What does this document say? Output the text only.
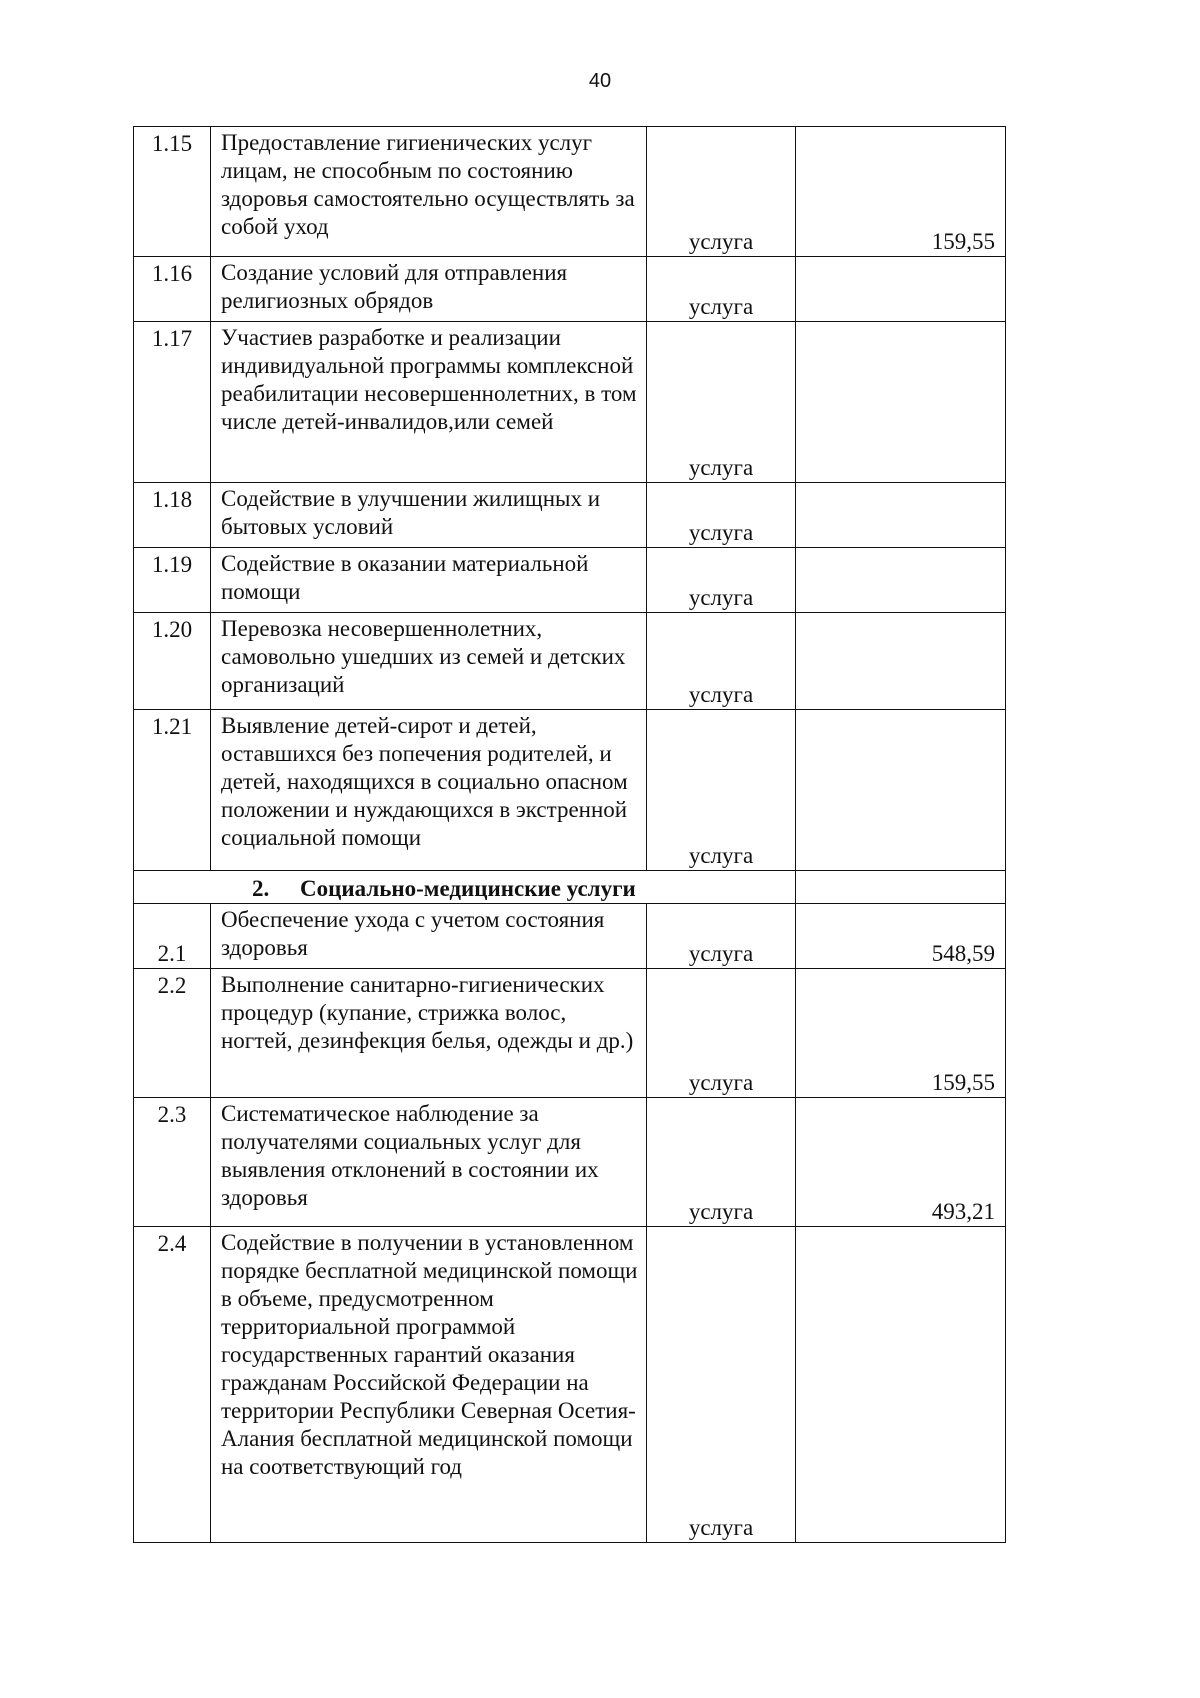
40
1.15	Предоставление гигиенических услуг лицам, не способным по состоянию здоровья самостоятельно осуществлять за собой уход	услуга	159,55
1.16	Создание условий для отправления религиозных обрядов	услуга	
1.17	Участиев разработке и реализации индивидуальной программы комплексной реабилитации несовершеннолетних, в том числе детей-инвалидов,или семей	услуга	
1.18	Содействие в улучшении жилищных и бытовых условий	услуга	
1.19	Содействие в оказании материальной помощи	услуга	
1.20	Перевозка несовершеннолетних, самовольно ушедших из семей и детских организаций	услуга	
1.21	Выявление детей-сирот и детей, оставшихся без попечения родителей, и детей, находящихся в социально опасном положении и нуждающихся в экстренной социальной помощи	услуга	
2. Социально-медицинские услуги			
2.1	Обеспечение ухода с учетом состояния здоровья	услуга	548,59
2.2	Выполнение санитарно-гигиенических процедур (купание, стрижка волос, ногтей, дезинфекция белья, одежды и др.)	услуга	159,55
2.3	Систематическое наблюдение за получателями социальных услуг для выявления отклонений в состоянии их здоровья	услуга	493,21
2.4	Содействие в получении в установленном порядке бесплатной медицинской помощи в объеме, предусмотренном территориальной программой государственных гарантий оказания гражданам Российской Федерации на территории Республики Северная Осетия-Алания бесплатной медицинской помощи на соответствующий год	услуга	
